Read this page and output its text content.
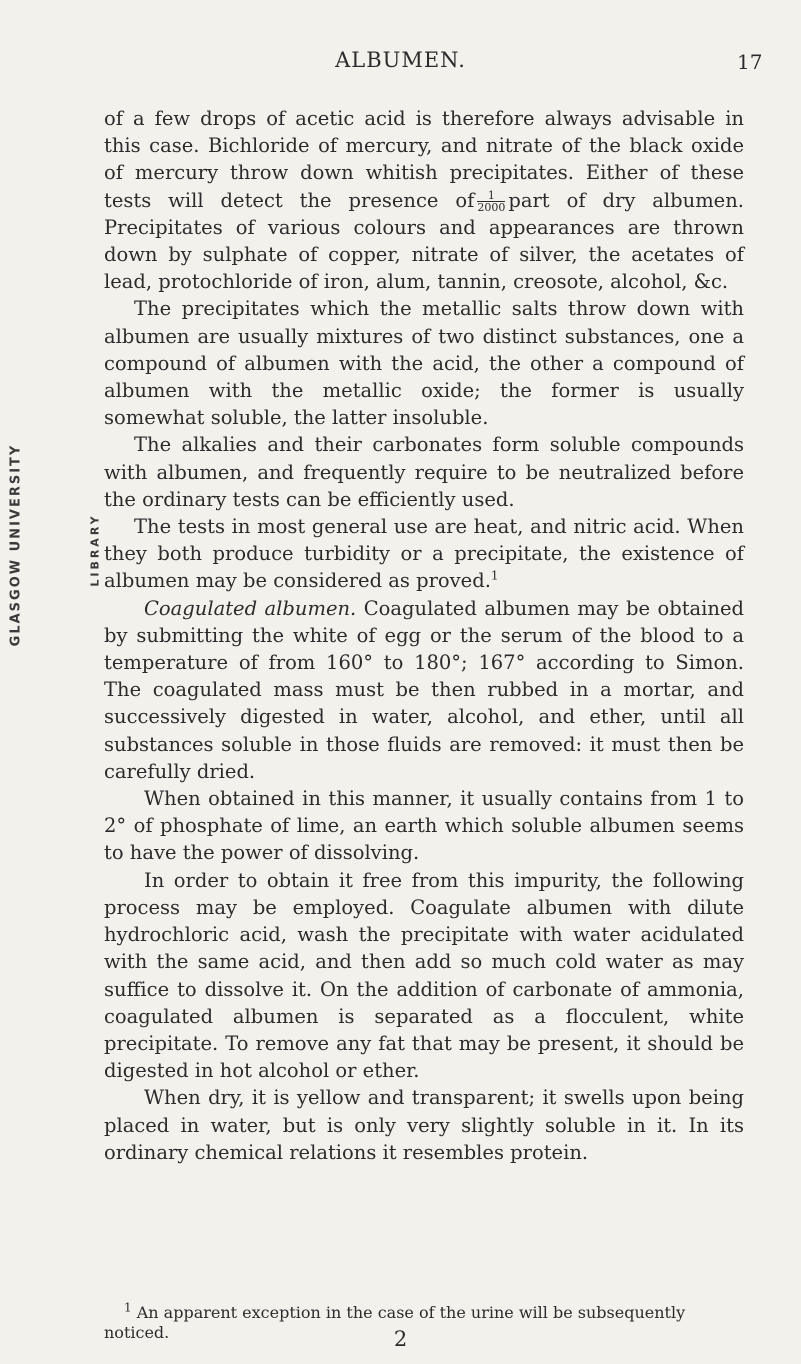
ALBUMEN.	17
GLASGOW UNIVERSITY	LIBRARY

of a few drops of acetic acid is therefore always advisable in this case. Bichloride of mercury, and nitrate of the black oxide of mercury throw down whitish precipitates. Either of these tests will detect the presence of $\frac{1}{2000}$ part of dry albumen. Precipitates of various colours and appearances are thrown down by sulphate of copper, nitrate of silver, the acetates of lead, protochloride of iron, alum, tannin, creosote, alcohol, &c.

The precipitates which the metallic salts throw down with albumen are usually mixtures of two distinct substances, one a compound of albumen with the acid, the other a compound of albumen with the metallic oxide; the former is usually somewhat soluble, the latter insoluble.

The alkalies and their carbonates form soluble compounds with albumen, and frequently require to be neutralized before the ordinary tests can be efficiently used.

The tests in most general use are heat, and nitric acid. When they both produce turbidity or a precipitate, the existence of albumen may be considered as proved.$^1$

Coagulated albumen. Coagulated albumen may be obtained by submitting the white of egg or the serum of the blood to a temperature of from 160° to 180°; 167° according to Simon. The coagulated mass must be then rubbed in a mortar, and successively digested in water, alcohol, and ether, until all substances soluble in those fluids are removed: it must then be carefully dried.

When obtained in this manner, it usually contains from 1 to 2° of phosphate of lime, an earth which soluble albumen seems to have the power of dissolving.

In order to obtain it free from this impurity, the following process may be employed. Coagulate albumen with dilute hydrochloric acid, wash the precipitate with water acidulated with the same acid, and then add so much cold water as may suffice to dissolve it. On the addition of carbonate of ammonia, coagulated albumen is separated as a flocculent, white precipitate. To remove any fat that may be present, it should be digested in hot alcohol or ether.

When dry, it is yellow and transparent; it swells upon being placed in water, but is only very slightly soluble in it. In its ordinary chemical relations it resembles protein.

$^1$ An apparent exception in the case of the urine will be subsequently noticed.	2
